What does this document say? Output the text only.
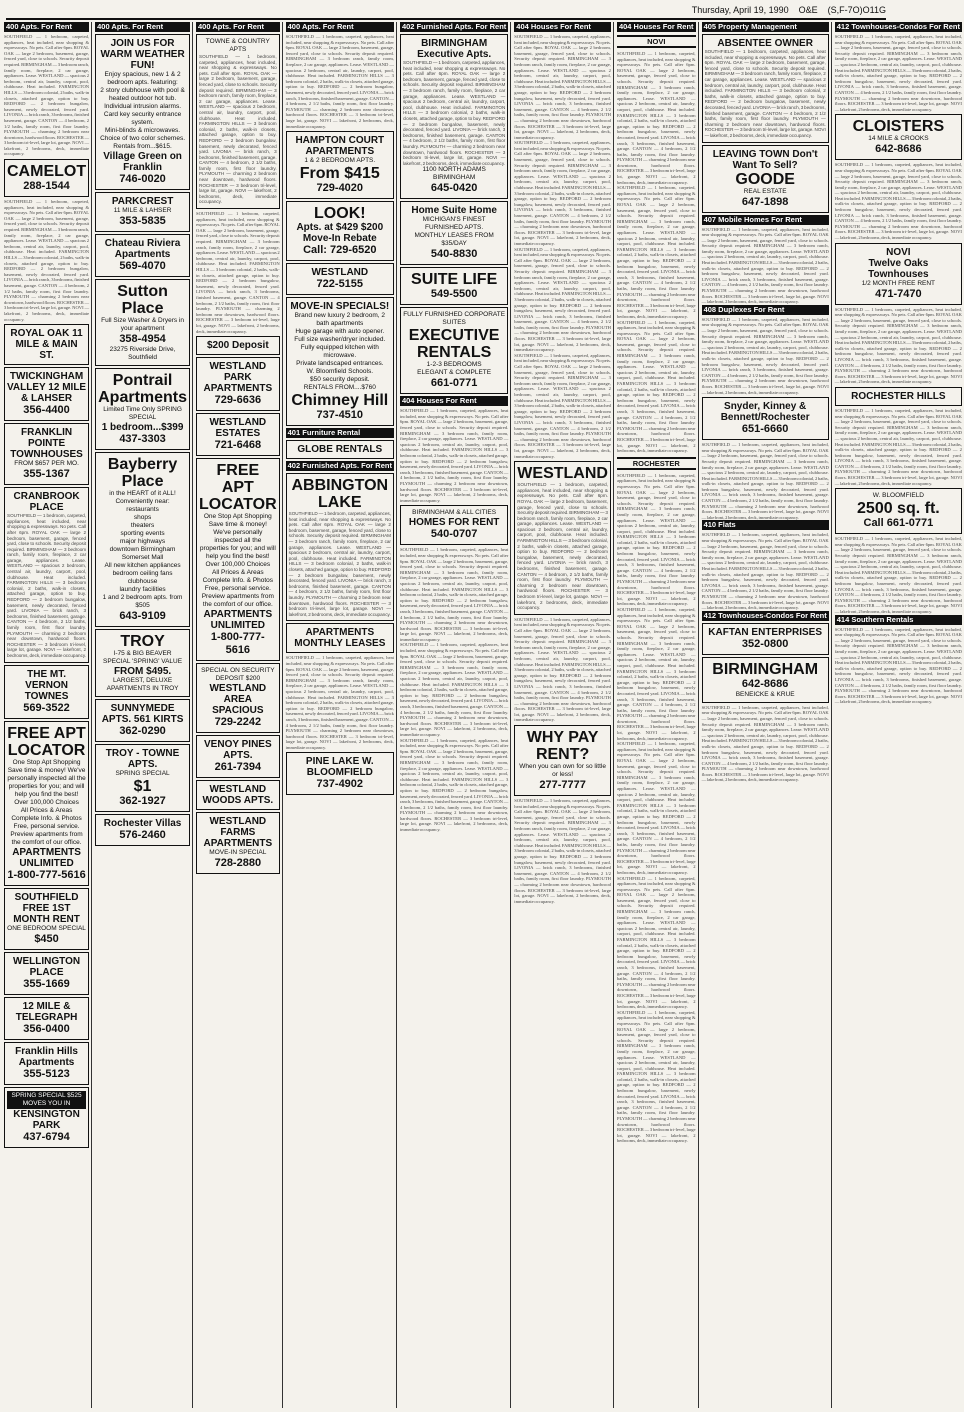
Thursday, April 19, 1990 O&E (S,F-7O)O11G
400 Apts. For Rent
SOUTHFIELD — 1 bedroom, carpeted, appliances, heat included, near shopping & expressways. No pets. Call after 6pm. ROYAL OAK — large 2 bedroom, basement, garage, fenced yard, close to schools. Security deposit required. BIRMINGHAM — 3 bedroom ranch, family room, fireplace, 2 car garage, appliances. Lease. WESTLAND — spacious 2 bedroom, central air, laundry, carport, pool, clubhouse. Heat included. FARMINGTON HILLS — 3 bedroom colonial, 2 baths, walk-in closets, attached garage, option to buy. REDFORD — 2 bedroom bungalow, basement, newly decorated, fenced yard. LIVONIA — brick ranch, 3 bedrooms, finished basement, garage. CANTON — 4 bedroom, 2 1/2 baths, family room, first floor laundry. PLYMOUTH — charming 2 bedroom near downtown, hardwood floors. ROCHESTER — 3 bedroom tri-level, large lot, garage. NOVI — lakefront, 2 bedrooms, deck, immediate occupancy.
CAMELOT
288-1544
SOUTHFIELD — 1 bedroom, carpeted, appliances, heat included, near shopping & expressways. No pets. Call after 6pm. ROYAL OAK — large 2 bedroom, basement, garage, fenced yard, close to schools. Security deposit required. BIRMINGHAM — 3 bedroom ranch, family room, fireplace, 2 car garage, appliances. Lease. WESTLAND — spacious 2 bedroom, central air, laundry, carport, pool, clubhouse. Heat included. FARMINGTON HILLS — 3 bedroom colonial, 2 baths, walk-in closets, attached garage, option to buy. REDFORD — 2 bedroom bungalow, basement, newly decorated, fenced yard. LIVONIA — brick ranch, 3 bedrooms, finished basement, garage. CANTON — 4 bedroom, 2 1/2 baths, family room, first floor laundry. PLYMOUTH — charming 2 bedroom near downtown, hardwood floors. ROCHESTER — 3 bedroom tri-level, large lot, garage. NOVI — lakefront, 2 bedrooms, deck, immediate occupancy.
ROYAL OAK 11 MILE & MAIN ST.
TWICKINGHAM VALLEY 12 MILE & LAHSER
356-4400
FRANKLIN POINTE TOWNHOUSES
FROM $657 PER MO.
355-1367
CRANBROOK PLACE
SOUTHFIELD — 1 bedroom, carpeted, appliances, heat included, near shopping & expressways. No pets. Call after 6pm. ROYAL OAK — large 2 bedroom, basement, garage, fenced yard, close to schools. Security deposit required. BIRMINGHAM — 3 bedroom ranch, family room, fireplace, 2 car garage, appliances. Lease. WESTLAND — spacious 2 bedroom, central air, laundry, carport, pool, clubhouse. Heat included. FARMINGTON HILLS — 3 bedroom colonial, 2 baths, walk-in closets, attached garage, option to buy. REDFORD — 2 bedroom bungalow, basement, newly decorated, fenced yard. LIVONIA — brick ranch, 3 bedrooms, finished basement, garage. CANTON — 4 bedroom, 2 1/2 baths, family room, first floor laundry. PLYMOUTH — charming 2 bedroom near downtown, hardwood floors. ROCHESTER — 3 bedroom tri-level, large lot, garage. NOVI — lakefront, 2 bedrooms, deck, immediate occupancy.
THE MT. VERNON TOWNES
569-3522
FREE APT LOCATOR
One Stop Apt Shopping
Save time & money! We've personally inspected all the properties for you; and will help you find the best!
Over 100,000 Choices
All Prices & Areas
Complete Info. & Photos
Free, personal service. Preview apartments from the comfort of our office.
APARTMENTS UNLIMITED
1-800-777-5616
SOUTHFIELD FREE 1ST MONTH RENT
ONE BEDROOM SPECIAL
$450
WELLINGTON PLACE
355-1669
12 MILE & TELEGRAPH
356-0400
Franklin Hills Apartments
355-5123
SPRING SPECIAL $525 MOVES YOU IN
KENSINGTON PARK
437-6794
400 Apts. For Rent
JOIN US FOR WARM WEATHER FUN!
Enjoy spacious, new 1 & 2 bedroom apts. featuring:
2 story clubhouse with pool & heated outdoor hot tub.
Individual intrusion alarms.
Card key security entrance system.
Mini-blinds & microwaves.
Choice of two color schemes.
Rentals from...$615.
Village Green on Franklin
746-0020
PARKCREST
11 MILE & LAHSER
353-5835
Chateau Riviera Apartments
569-4070
Sutton Place
Full Size Washer & Dryers in your apartment
358-4954
23275 Riverside Drive, Southfield
Pontrail Apartments
Limited Time Only SPRING SPECIAL
1 bedroom...$399
437-3303
Bayberry Place
in the HEART of it ALL!
Conveniently near:
restaurants
shops
theaters
sporting events
major highways
downtown Birmingham
Somerset Mall
All new kitchen appliances
bedroom ceiling fans
clubhouse
laundry facilities
1 and 2 bedroom apts. from $505
643-9109
TROY
I-75 & BIG BEAVER
SPECIAL 'SPRING' VALUE
FROM $495.
LARGEST, DELUXE APARTMENTS IN TROY
SUNNYMEDE APTS. 561 KIRTS
362-0290
TROY - TOWNE APTS.
SPRING SPECIAL
$1
362-1927
Rochester Villas
576-2460
400 Apts. For Rent
TOWNE & COUNTRY APTS
SOUTHFIELD — 1 bedroom, carpeted, appliances, heat included, near shopping & expressways. No pets. Call after 6pm. ROYAL OAK — large 2 bedroom, basement, garage, fenced yard, close to schools. Security deposit required. BIRMINGHAM — 3 bedroom ranch, family room, fireplace, 2 car garage, appliances. Lease. WESTLAND — spacious 2 bedroom, central air, laundry, carport, pool, clubhouse. Heat included. FARMINGTON HILLS — 3 bedroom colonial, 2 baths, walk-in closets, attached garage, option to buy. REDFORD — 2 bedroom bungalow, basement, newly decorated, fenced yard. LIVONIA — brick ranch, 3 bedrooms, finished basement, garage. CANTON — 4 bedroom, 2 1/2 baths, family room, first floor laundry. PLYMOUTH — charming 2 bedroom near downtown, hardwood floors. ROCHESTER — 3 bedroom tri-level, large lot, garage. NOVI — lakefront, 2 bedrooms, deck, immediate occupancy.
SOUTHFIELD — 1 bedroom, carpeted, appliances, heat included, near shopping & expressways. No pets. Call after 6pm. ROYAL OAK — large 2 bedroom, basement, garage, fenced yard, close to schools. Security deposit required. BIRMINGHAM — 3 bedroom ranch, family room, fireplace, 2 car garage, appliances. Lease. WESTLAND — spacious 2 bedroom, central air, laundry, carport, pool, clubhouse. Heat included. FARMINGTON HILLS — 3 bedroom colonial, 2 baths, walk-in closets, attached garage, option to buy. REDFORD — 2 bedroom bungalow, basement, newly decorated, fenced yard. LIVONIA — brick ranch, 3 bedrooms, finished basement, garage. CANTON — 4 bedroom, 2 1/2 baths, family room, first floor laundry. PLYMOUTH — charming 2 bedroom near downtown, hardwood floors. ROCHESTER — 3 bedroom tri-level, large lot, garage. NOVI — lakefront, 2 bedrooms, deck, immediate occupancy.
$200 Deposit
WESTLAND PARK APARTMENTS
729-6636
WESTLAND ESTATES
721-6468
FREE APT LOCATOR
One Stop Apt Shopping
Save time & money! We've personally inspected all the properties for you; and will help you find the best!
Over 100,000 Choices
All Prices & Areas
Complete Info. & Photos
Free, personal service. Preview apartments from the comfort of our office.
APARTMENTS UNLIMITED
1-800-777-5616
SPECIAL ON SECURITY DEPOSIT $200
WESTLAND AREA SPACIOUS
729-2242
VENOY PINES APTS.
261-7394
WESTLAND WOODS APTS.
WESTLAND FARMS APARTMENTS
MOVE-IN SPECIAL
728-2880
400 Apts. For Rent
SOUTHFIELD — 1 bedroom, carpeted, appliances, heat included, near shopping & expressways. No pets. Call after 6pm. ROYAL OAK — large 2 bedroom, basement, garage, fenced yard, close to schools. Security deposit required. BIRMINGHAM — 3 bedroom ranch, family room, fireplace, 2 car garage, appliances. Lease. WESTLAND — spacious 2 bedroom, central air, laundry, carport, pool, clubhouse. Heat included. FARMINGTON HILLS — 3 bedroom colonial, 2 baths, walk-in closets, attached garage, option to buy. REDFORD — 2 bedroom bungalow, basement, newly decorated, fenced yard. LIVONIA — brick ranch, 3 bedrooms, finished basement, garage. CANTON — 4 bedroom, 2 1/2 baths, family room, first floor laundry. PLYMOUTH — charming 2 bedroom near downtown, hardwood floors. ROCHESTER — 3 bedroom tri-level, large lot, garage. NOVI — lakefront, 2 bedrooms, deck, immediate occupancy.
HAMPTON COURT APARTMENTS
1 & 2 BEDROOM APTS.
From $415
729-4020
LOOK!
Apts. at $429 $200 Move-In Rebate
Call: 729-6520
WESTLAND
722-5155
MOVE-IN SPECIALS!
Brand new luxury 2 bedroom, 2 bath apartments
Huge garage with auto opener.
Full size washer/dryer included.
Fully equipped kitchen with microwave.
Private landscaped entrances.
W. Bloomfield Schools.
$50 security deposit.
RENTALS FROM....$760
Chimney Hill
737-4510
401 Furniture Rental
GLOBE RENTALS
402 Furnished Apts. For Rent
ABBINGTON LAKE
SOUTHFIELD — 1 bedroom, carpeted, appliances, heat included, near shopping & expressways. No pets. Call after 6pm. ROYAL OAK — large 2 bedroom, basement, garage, fenced yard, close to schools. Security deposit required. BIRMINGHAM — 3 bedroom ranch, family room, fireplace, 2 car garage, appliances. Lease. WESTLAND — spacious 2 bedroom, central air, laundry, carport, pool, clubhouse. Heat included. FARMINGTON HILLS — 3 bedroom colonial, 2 baths, walk-in closets, attached garage, option to buy. REDFORD — 2 bedroom bungalow, basement, newly decorated, fenced yard. LIVONIA — brick ranch, 3 bedrooms, finished basement, garage. CANTON — 4 bedroom, 2 1/2 baths, family room, first floor laundry. PLYMOUTH — charming 2 bedroom near downtown, hardwood floors. ROCHESTER — 3 bedroom tri-level, large lot, garage. NOVI — lakefront, 2 bedrooms, deck, immediate occupancy.
APARTMENTS MONTHLY LEASES
SOUTHFIELD — 1 bedroom, carpeted, appliances, heat included, near shopping & expressways. No pets. Call after 6pm. ROYAL OAK — large 2 bedroom, basement, garage, fenced yard, close to schools. Security deposit required. BIRMINGHAM — 3 bedroom ranch, family room, fireplace, 2 car garage, appliances. Lease. WESTLAND — spacious 2 bedroom, central air, laundry, carport, pool, clubhouse. Heat included. FARMINGTON HILLS — 3 bedroom colonial, 2 baths, walk-in closets, attached garage, option to buy. REDFORD — 2 bedroom bungalow, basement, newly decorated, fenced yard. LIVONIA — brick ranch, 3 bedrooms, finished basement, garage. CANTON — 4 bedroom, 2 1/2 baths, family room, first floor laundry. PLYMOUTH — charming 2 bedroom near downtown, hardwood floors. ROCHESTER — 3 bedroom tri-level, large lot, garage. NOVI — lakefront, 2 bedrooms, deck, immediate occupancy.
PINE LAKE W. BLOOMFIELD
737-4902
402 Furnished Apts. For Rent
BIRMINGHAM Executive Apts.
SOUTHFIELD — 1 bedroom, carpeted, appliances, heat included, near shopping & expressways. No pets. Call after 6pm. ROYAL OAK — large 2 bedroom, basement, garage, fenced yard, close to schools. Security deposit required. BIRMINGHAM — 3 bedroom ranch, family room, fireplace, 2 car garage, appliances. Lease. WESTLAND — spacious 2 bedroom, central air, laundry, carport, pool, clubhouse. Heat included. FARMINGTON HILLS — 3 bedroom colonial, 2 baths, walk-in closets, attached garage, option to buy. REDFORD — 2 bedroom bungalow, basement, newly decorated, fenced yard. LIVONIA — brick ranch, 3 bedrooms, finished basement, garage. CANTON — 4 bedroom, 2 1/2 baths, family room, first floor laundry. PLYMOUTH — charming 2 bedroom near downtown, hardwood floors. ROCHESTER — 3 bedroom tri-level, large lot, garage. NOVI — lakefront, 2 bedrooms, deck, immediate occupancy.
1100 NORTH ADAMS BIRMINGHAM
645-0420
Home Suite Home
MICHIGAN'S FINEST FURNISHED APTS.
MONTHLY LEASES FROM $35/DAY
540-8830
SUITE LIFE
549-5500
FULLY FURNISHED CORPORATE SUITES
EXECUTIVE RENTALS
1-2-3 BEDROOMS
ELEGANT & COMPLETE
661-0771
404 Houses For Rent
SOUTHFIELD — 1 bedroom, carpeted, appliances, heat included, near shopping & expressways. No pets. Call after 6pm. ROYAL OAK — large 2 bedroom, basement, garage, fenced yard, close to schools. Security deposit required. BIRMINGHAM — 3 bedroom ranch, family room, fireplace, 2 car garage, appliances. Lease. WESTLAND — spacious 2 bedroom, central air, laundry, carport, pool, clubhouse. Heat included. FARMINGTON HILLS — 3 bedroom colonial, 2 baths, walk-in closets, attached garage, option to buy. REDFORD — 2 bedroom bungalow, basement, newly decorated, fenced yard. LIVONIA — brick ranch, 3 bedrooms, finished basement, garage. CANTON — 4 bedroom, 2 1/2 baths, family room, first floor laundry. PLYMOUTH — charming 2 bedroom near downtown, hardwood floors. ROCHESTER — 3 bedroom tri-level, large lot, garage. NOVI — lakefront, 2 bedrooms, deck, immediate occupancy.
BIRMINGHAM & ALL CITIES
HOMES FOR RENT
540-0707
SOUTHFIELD — 1 bedroom, carpeted, appliances, heat included, near shopping & expressways. No pets. Call after 6pm. ROYAL OAK — large 2 bedroom, basement, garage, fenced yard, close to schools. Security deposit required. BIRMINGHAM — 3 bedroom ranch, family room, fireplace, 2 car garage, appliances. Lease. WESTLAND — spacious 2 bedroom, central air, laundry, carport, pool, clubhouse. Heat included. FARMINGTON HILLS — 3 bedroom colonial, 2 baths, walk-in closets, attached garage, option to buy. REDFORD — 2 bedroom bungalow, basement, newly decorated, fenced yard. LIVONIA — brick ranch, 3 bedrooms, finished basement, garage. CANTON — 4 bedroom, 2 1/2 baths, family room, first floor laundry. PLYMOUTH — charming 2 bedroom near downtown, hardwood floors. ROCHESTER — 3 bedroom tri-level, large lot, garage. NOVI — lakefront, 2 bedrooms, deck, immediate occupancy.
SOUTHFIELD — 1 bedroom, carpeted, appliances, heat included, near shopping & expressways. No pets. Call after 6pm. ROYAL OAK — large 2 bedroom, basement, garage, fenced yard, close to schools. Security deposit required. BIRMINGHAM — 3 bedroom ranch, family room, fireplace, 2 car garage, appliances. Lease. WESTLAND — spacious 2 bedroom, central air, laundry, carport, pool, clubhouse. Heat included. FARMINGTON HILLS — 3 bedroom colonial, 2 baths, walk-in closets, attached garage, option to buy. REDFORD — 2 bedroom bungalow, basement, newly decorated, fenced yard. LIVONIA — brick ranch, 3 bedrooms, finished basement, garage. CANTON — 4 bedroom, 2 1/2 baths, family room, first floor laundry. PLYMOUTH — charming 2 bedroom near downtown, hardwood floors. ROCHESTER — 3 bedroom tri-level, large lot, garage. NOVI — lakefront, 2 bedrooms, deck, immediate occupancy.
SOUTHFIELD — 1 bedroom, carpeted, appliances, heat included, near shopping & expressways. No pets. Call after 6pm. ROYAL OAK — large 2 bedroom, basement, garage, fenced yard, close to schools. Security deposit required. BIRMINGHAM — 3 bedroom ranch, family room, fireplace, 2 car garage, appliances. Lease. WESTLAND — spacious 2 bedroom, central air, laundry, carport, pool, clubhouse. Heat included. FARMINGTON HILLS — 3 bedroom colonial, 2 baths, walk-in closets, attached garage, option to buy. REDFORD — 2 bedroom bungalow, basement, newly decorated, fenced yard. LIVONIA — brick ranch, 3 bedrooms, finished basement, garage. CANTON — 4 bedroom, 2 1/2 baths, family room, first floor laundry. PLYMOUTH — charming 2 bedroom near downtown, hardwood floors. ROCHESTER — 3 bedroom tri-level, large lot, garage. NOVI — lakefront, 2 bedrooms, deck, immediate occupancy.
404 Houses For Rent
SOUTHFIELD — 1 bedroom, carpeted, appliances, heat included, near shopping & expressways. No pets. Call after 6pm. ROYAL OAK — large 2 bedroom, basement, garage, fenced yard, close to schools. Security deposit required. BIRMINGHAM — 3 bedroom ranch, family room, fireplace, 2 car garage, appliances. Lease. WESTLAND — spacious 2 bedroom, central air, laundry, carport, pool, clubhouse. Heat included. FARMINGTON HILLS — 3 bedroom colonial, 2 baths, walk-in closets, attached garage, option to buy. REDFORD — 2 bedroom bungalow, basement, newly decorated, fenced yard. LIVONIA — brick ranch, 3 bedrooms, finished basement, garage. CANTON — 4 bedroom, 2 1/2 baths, family room, first floor laundry. PLYMOUTH — charming 2 bedroom near downtown, hardwood floors. ROCHESTER — 3 bedroom tri-level, large lot, garage. NOVI — lakefront, 2 bedrooms, deck, immediate occupancy.
SOUTHFIELD — 1 bedroom, carpeted, appliances, heat included, near shopping & expressways. No pets. Call after 6pm. ROYAL OAK — large 2 bedroom, basement, garage, fenced yard, close to schools. Security deposit required. BIRMINGHAM — 3 bedroom ranch, family room, fireplace, 2 car garage, appliances. Lease. WESTLAND — spacious 2 bedroom, central air, laundry, carport, pool, clubhouse. Heat included. FARMINGTON HILLS — 3 bedroom colonial, 2 baths, walk-in closets, attached garage, option to buy. REDFORD — 2 bedroom bungalow, basement, newly decorated, fenced yard. LIVONIA — brick ranch, 3 bedrooms, finished basement, garage. CANTON — 4 bedroom, 2 1/2 baths, family room, first floor laundry. PLYMOUTH — charming 2 bedroom near downtown, hardwood floors. ROCHESTER — 3 bedroom tri-level, large lot, garage. NOVI — lakefront, 2 bedrooms, deck, immediate occupancy.
SOUTHFIELD — 1 bedroom, carpeted, appliances, heat included, near shopping & expressways. No pets. Call after 6pm. ROYAL OAK — large 2 bedroom, basement, garage, fenced yard, close to schools. Security deposit required. BIRMINGHAM — 3 bedroom ranch, family room, fireplace, 2 car garage, appliances. Lease. WESTLAND — spacious 2 bedroom, central air, laundry, carport, pool, clubhouse. Heat included. FARMINGTON HILLS — 3 bedroom colonial, 2 baths, walk-in closets, attached garage, option to buy. REDFORD — 2 bedroom bungalow, basement, newly decorated, fenced yard. LIVONIA — brick ranch, 3 bedrooms, finished basement, garage. CANTON — 4 bedroom, 2 1/2 baths, family room, first floor laundry. PLYMOUTH — charming 2 bedroom near downtown, hardwood floors. ROCHESTER — 3 bedroom tri-level, large lot, garage. NOVI — lakefront, 2 bedrooms, deck, immediate occupancy.
SOUTHFIELD — 1 bedroom, carpeted, appliances, heat included, near shopping & expressways. No pets. Call after 6pm. ROYAL OAK — large 2 bedroom, basement, garage, fenced yard, close to schools. Security deposit required. BIRMINGHAM — 3 bedroom ranch, family room, fireplace, 2 car garage, appliances. Lease. WESTLAND — spacious 2 bedroom, central air, laundry, carport, pool, clubhouse. Heat included. FARMINGTON HILLS — 3 bedroom colonial, 2 baths, walk-in closets, attached garage, option to buy. REDFORD — 2 bedroom bungalow, basement, newly decorated, fenced yard. LIVONIA — brick ranch, 3 bedrooms, finished basement, garage. CANTON — 4 bedroom, 2 1/2 baths, family room, first floor laundry. PLYMOUTH — charming 2 bedroom near downtown, hardwood floors. ROCHESTER — 3 bedroom tri-level, large lot, garage. NOVI — lakefront, 2 bedrooms, deck, immediate occupancy.
WESTLAND
SOUTHFIELD — 1 bedroom, carpeted, appliances, heat included, near shopping & expressways. No pets. Call after 6pm. ROYAL OAK — large 2 bedroom, basement, garage, fenced yard, close to schools. Security deposit required. BIRMINGHAM — 3 bedroom ranch, family room, fireplace, 2 car garage, appliances. Lease. WESTLAND — spacious 2 bedroom, central air, laundry, carport, pool, clubhouse. Heat included. FARMINGTON HILLS — 3 bedroom colonial, 2 baths, walk-in closets, attached garage, option to buy. REDFORD — 2 bedroom bungalow, basement, newly decorated, fenced yard. LIVONIA — brick ranch, 3 bedrooms, finished basement, garage. CANTON — 4 bedroom, 2 1/2 baths, family room, first floor laundry. PLYMOUTH — charming 2 bedroom near downtown, hardwood floors. ROCHESTER — 3 bedroom tri-level, large lot, garage. NOVI — lakefront, 2 bedrooms, deck, immediate occupancy.
SOUTHFIELD — 1 bedroom, carpeted, appliances, heat included, near shopping & expressways. No pets. Call after 6pm. ROYAL OAK — large 2 bedroom, basement, garage, fenced yard, close to schools. Security deposit required. BIRMINGHAM — 3 bedroom ranch, family room, fireplace, 2 car garage, appliances. Lease. WESTLAND — spacious 2 bedroom, central air, laundry, carport, pool, clubhouse. Heat included. FARMINGTON HILLS — 3 bedroom colonial, 2 baths, walk-in closets, attached garage, option to buy. REDFORD — 2 bedroom bungalow, basement, newly decorated, fenced yard. LIVONIA — brick ranch, 3 bedrooms, finished basement, garage. CANTON — 4 bedroom, 2 1/2 baths, family room, first floor laundry. PLYMOUTH — charming 2 bedroom near downtown, hardwood floors. ROCHESTER — 3 bedroom tri-level, large lot, garage. NOVI — lakefront, 2 bedrooms, deck, immediate occupancy.
WHY PAY RENT?
When you can own for so little or less!
277-7777
SOUTHFIELD — 1 bedroom, carpeted, appliances, heat included, near shopping & expressways. No pets. Call after 6pm. ROYAL OAK — large 2 bedroom, basement, garage, fenced yard, close to schools. Security deposit required. BIRMINGHAM — 3 bedroom ranch, family room, fireplace, 2 car garage, appliances. Lease. WESTLAND — spacious 2 bedroom, central air, laundry, carport, pool, clubhouse. Heat included. FARMINGTON HILLS — 3 bedroom colonial, 2 baths, walk-in closets, attached garage, option to buy. REDFORD — 2 bedroom bungalow, basement, newly decorated, fenced yard. LIVONIA — brick ranch, 3 bedrooms, finished basement, garage. CANTON — 4 bedroom, 2 1/2 baths, family room, first floor laundry. PLYMOUTH — charming 2 bedroom near downtown, hardwood floors. ROCHESTER — 3 bedroom tri-level, large lot, garage. NOVI — lakefront, 2 bedrooms, deck, immediate occupancy.
404 Houses For Rent
NOVI
SOUTHFIELD — 1 bedroom, carpeted, appliances, heat included, near shopping & expressways. No pets. Call after 6pm. ROYAL OAK — large 2 bedroom, basement, garage, fenced yard, close to schools. Security deposit required. BIRMINGHAM — 3 bedroom ranch, family room, fireplace, 2 car garage, appliances. Lease. WESTLAND — spacious 2 bedroom, central air, laundry, carport, pool, clubhouse. Heat included. FARMINGTON HILLS — 3 bedroom colonial, 2 baths, walk-in closets, attached garage, option to buy. REDFORD — 2 bedroom bungalow, basement, newly decorated, fenced yard. LIVONIA — brick ranch, 3 bedrooms, finished basement, garage. CANTON — 4 bedroom, 2 1/2 baths, family room, first floor laundry. PLYMOUTH — charming 2 bedroom near downtown, hardwood floors. ROCHESTER — 3 bedroom tri-level, large lot, garage. NOVI — lakefront, 2 bedrooms, deck, immediate occupancy.
SOUTHFIELD — 1 bedroom, carpeted, appliances, heat included, near shopping & expressways. No pets. Call after 6pm. ROYAL OAK — large 2 bedroom, basement, garage, fenced yard, close to schools. Security deposit required. BIRMINGHAM — 3 bedroom ranch, family room, fireplace, 2 car garage, appliances. Lease. WESTLAND — spacious 2 bedroom, central air, laundry, carport, pool, clubhouse. Heat included. FARMINGTON HILLS — 3 bedroom colonial, 2 baths, walk-in closets, attached garage, option to buy. REDFORD — 2 bedroom bungalow, basement, newly decorated, fenced yard. LIVONIA — brick ranch, 3 bedrooms, finished basement, garage. CANTON — 4 bedroom, 2 1/2 baths, family room, first floor laundry. PLYMOUTH — charming 2 bedroom near downtown, hardwood floors. ROCHESTER — 3 bedroom tri-level, large lot, garage. NOVI — lakefront, 2 bedrooms, deck, immediate occupancy.
SOUTHFIELD — 1 bedroom, carpeted, appliances, heat included, near shopping & expressways. No pets. Call after 6pm. ROYAL OAK — large 2 bedroom, basement, garage, fenced yard, close to schools. Security deposit required. BIRMINGHAM — 3 bedroom ranch, family room, fireplace, 2 car garage, appliances. Lease. WESTLAND — spacious 2 bedroom, central air, laundry, carport, pool, clubhouse. Heat included. FARMINGTON HILLS — 3 bedroom colonial, 2 baths, walk-in closets, attached garage, option to buy. REDFORD — 2 bedroom bungalow, basement, newly decorated, fenced yard. LIVONIA — brick ranch, 3 bedrooms, finished basement, garage. CANTON — 4 bedroom, 2 1/2 baths, family room, first floor laundry. PLYMOUTH — charming 2 bedroom near downtown, hardwood floors. ROCHESTER — 3 bedroom tri-level, large lot, garage. NOVI — lakefront, 2 bedrooms, deck, immediate occupancy.
ROCHESTER
SOUTHFIELD — 1 bedroom, carpeted, appliances, heat included, near shopping & expressways. No pets. Call after 6pm. ROYAL OAK — large 2 bedroom, basement, garage, fenced yard, close to schools. Security deposit required. BIRMINGHAM — 3 bedroom ranch, family room, fireplace, 2 car garage, appliances. Lease. WESTLAND — spacious 2 bedroom, central air, laundry, carport, pool, clubhouse. Heat included. FARMINGTON HILLS — 3 bedroom colonial, 2 baths, walk-in closets, attached garage, option to buy. REDFORD — 2 bedroom bungalow, basement, newly decorated, fenced yard. LIVONIA — brick ranch, 3 bedrooms, finished basement, garage. CANTON — 4 bedroom, 2 1/2 baths, family room, first floor laundry. PLYMOUTH — charming 2 bedroom near downtown, hardwood floors. ROCHESTER — 3 bedroom tri-level, large lot, garage. NOVI — lakefront, 2 bedrooms, deck, immediate occupancy.
SOUTHFIELD — 1 bedroom, carpeted, appliances, heat included, near shopping & expressways. No pets. Call after 6pm. ROYAL OAK — large 2 bedroom, basement, garage, fenced yard, close to schools. Security deposit required. BIRMINGHAM — 3 bedroom ranch, family room, fireplace, 2 car garage, appliances. Lease. WESTLAND — spacious 2 bedroom, central air, laundry, carport, pool, clubhouse. Heat included. FARMINGTON HILLS — 3 bedroom colonial, 2 baths, walk-in closets, attached garage, option to buy. REDFORD — 2 bedroom bungalow, basement, newly decorated, fenced yard. LIVONIA — brick ranch, 3 bedrooms, finished basement, garage. CANTON — 4 bedroom, 2 1/2 baths, family room, first floor laundry. PLYMOUTH — charming 2 bedroom near downtown, hardwood floors. ROCHESTER — 3 bedroom tri-level, large lot, garage. NOVI — lakefront, 2 bedrooms, deck, immediate occupancy.
SOUTHFIELD — 1 bedroom, carpeted, appliances, heat included, near shopping & expressways. No pets. Call after 6pm. ROYAL OAK — large 2 bedroom, basement, garage, fenced yard, close to schools. Security deposit required. BIRMINGHAM — 3 bedroom ranch, family room, fireplace, 2 car garage, appliances. Lease. WESTLAND — spacious 2 bedroom, central air, laundry, carport, pool, clubhouse. Heat included. FARMINGTON HILLS — 3 bedroom colonial, 2 baths, walk-in closets, attached garage, option to buy. REDFORD — 2 bedroom bungalow, basement, newly decorated, fenced yard. LIVONIA — brick ranch, 3 bedrooms, finished basement, garage. CANTON — 4 bedroom, 2 1/2 baths, family room, first floor laundry. PLYMOUTH — charming 2 bedroom near downtown, hardwood floors. ROCHESTER — 3 bedroom tri-level, large lot, garage. NOVI — lakefront, 2 bedrooms, deck, immediate occupancy.
SOUTHFIELD — 1 bedroom, carpeted, appliances, heat included, near shopping & expressways. No pets. Call after 6pm. ROYAL OAK — large 2 bedroom, basement, garage, fenced yard, close to schools. Security deposit required. BIRMINGHAM — 3 bedroom ranch, family room, fireplace, 2 car garage, appliances. Lease. WESTLAND — spacious 2 bedroom, central air, laundry, carport, pool, clubhouse. Heat included. FARMINGTON HILLS — 3 bedroom colonial, 2 baths, walk-in closets, attached garage, option to buy. REDFORD — 2 bedroom bungalow, basement, newly decorated, fenced yard. LIVONIA — brick ranch, 3 bedrooms, finished basement, garage. CANTON — 4 bedroom, 2 1/2 baths, family room, first floor laundry. PLYMOUTH — charming 2 bedroom near downtown, hardwood floors. ROCHESTER — 3 bedroom tri-level, large lot, garage. NOVI — lakefront, 2 bedrooms, deck, immediate occupancy.
SOUTHFIELD — 1 bedroom, carpeted, appliances, heat included, near shopping & expressways. No pets. Call after 6pm. ROYAL OAK — large 2 bedroom, basement, garage, fenced yard, close to schools. Security deposit required. BIRMINGHAM — 3 bedroom ranch, family room, fireplace, 2 car garage, appliances. Lease. WESTLAND — spacious 2 bedroom, central air, laundry, carport, pool, clubhouse. Heat included. FARMINGTON HILLS — 3 bedroom colonial, 2 baths, walk-in closets, attached garage, option to buy. REDFORD — 2 bedroom bungalow, basement, newly decorated, fenced yard. LIVONIA — brick ranch, 3 bedrooms, finished basement, garage. CANTON — 4 bedroom, 2 1/2 baths, family room, first floor laundry. PLYMOUTH — charming 2 bedroom near downtown, hardwood floors. ROCHESTER — 3 bedroom tri-level, large lot, garage. NOVI — lakefront, 2 bedrooms, deck, immediate occupancy.
405 Property Management
ABSENTEE OWNER
SOUTHFIELD — 1 bedroom, carpeted, appliances, heat included, near shopping & expressways. No pets. Call after 6pm. ROYAL OAK — large 2 bedroom, basement, garage, fenced yard, close to schools. Security deposit required. BIRMINGHAM — 3 bedroom ranch, family room, fireplace, 2 car garage, appliances. Lease. WESTLAND — spacious 2 bedroom, central air, laundry, carport, pool, clubhouse. Heat included. FARMINGTON HILLS — 3 bedroom colonial, 2 baths, walk-in closets, attached garage, option to buy. REDFORD — 2 bedroom bungalow, basement, newly decorated, fenced yard. LIVONIA — brick ranch, 3 bedrooms, finished basement, garage. CANTON — 4 bedroom, 2 1/2 baths, family room, first floor laundry. PLYMOUTH — charming 2 bedroom near downtown, hardwood floors. ROCHESTER — 3 bedroom tri-level, large lot, garage. NOVI — lakefront, 2 bedrooms, deck, immediate occupancy.
LEAVING TOWN Don't Want To Sell?
GOODE
REAL ESTATE
647-1898
407 Mobile Homes For Rent
SOUTHFIELD — 1 bedroom, carpeted, appliances, heat included, near shopping & expressways. No pets. Call after 6pm. ROYAL OAK — large 2 bedroom, basement, garage, fenced yard, close to schools. Security deposit required. BIRMINGHAM — 3 bedroom ranch, family room, fireplace, 2 car garage, appliances. Lease. WESTLAND — spacious 2 bedroom, central air, laundry, carport, pool, clubhouse. Heat included. FARMINGTON HILLS — 3 bedroom colonial, 2 baths, walk-in closets, attached garage, option to buy. REDFORD — 2 bedroom bungalow, basement, newly decorated, fenced yard. LIVONIA — brick ranch, 3 bedrooms, finished basement, garage. CANTON — 4 bedroom, 2 1/2 baths, family room, first floor laundry. PLYMOUTH — charming 2 bedroom near downtown, hardwood floors. ROCHESTER — 3 bedroom tri-level, large lot, garage. NOVI — lakefront, 2 bedrooms, deck, immediate occupancy.
408 Duplexes For Rent
SOUTHFIELD — 1 bedroom, carpeted, appliances, heat included, near shopping & expressways. No pets. Call after 6pm. ROYAL OAK — large 2 bedroom, basement, garage, fenced yard, close to schools. Security deposit required. BIRMINGHAM — 3 bedroom ranch, family room, fireplace, 2 car garage, appliances. Lease. WESTLAND — spacious 2 bedroom, central air, laundry, carport, pool, clubhouse. Heat included. FARMINGTON HILLS — 3 bedroom colonial, 2 baths, walk-in closets, attached garage, option to buy. REDFORD — 2 bedroom bungalow, basement, newly decorated, fenced yard. LIVONIA — brick ranch, 3 bedrooms, finished basement, garage. CANTON — 4 bedroom, 2 1/2 baths, family room, first floor laundry. PLYMOUTH — charming 2 bedroom near downtown, hardwood floors. ROCHESTER — 3 bedroom tri-level, large lot, garage. NOVI — lakefront, 2 bedrooms, deck, immediate occupancy.
Snyder, Kinney & Bennett/Rochester
651-6660
SOUTHFIELD — 1 bedroom, carpeted, appliances, heat included, near shopping & expressways. No pets. Call after 6pm. ROYAL OAK — large 2 bedroom, basement, garage, fenced yard, close to schools. Security deposit required. BIRMINGHAM — 3 bedroom ranch, family room, fireplace, 2 car garage, appliances. Lease. WESTLAND — spacious 2 bedroom, central air, laundry, carport, pool, clubhouse. Heat included. FARMINGTON HILLS — 3 bedroom colonial, 2 baths, walk-in closets, attached garage, option to buy. REDFORD — 2 bedroom bungalow, basement, newly decorated, fenced yard. LIVONIA — brick ranch, 3 bedrooms, finished basement, garage. CANTON — 4 bedroom, 2 1/2 baths, family room, first floor laundry. PLYMOUTH — charming 2 bedroom near downtown, hardwood floors. ROCHESTER — 3 bedroom tri-level, large lot, garage. NOVI — lakefront, 2 bedrooms, deck, immediate occupancy.
410 Flats
SOUTHFIELD — 1 bedroom, carpeted, appliances, heat included, near shopping & expressways. No pets. Call after 6pm. ROYAL OAK — large 2 bedroom, basement, garage, fenced yard, close to schools. Security deposit required. BIRMINGHAM — 3 bedroom ranch, family room, fireplace, 2 car garage, appliances. Lease. WESTLAND — spacious 2 bedroom, central air, laundry, carport, pool, clubhouse. Heat included. FARMINGTON HILLS — 3 bedroom colonial, 2 baths, walk-in closets, attached garage, option to buy. REDFORD — 2 bedroom bungalow, basement, newly decorated, fenced yard. LIVONIA — brick ranch, 3 bedrooms, finished basement, garage. CANTON — 4 bedroom, 2 1/2 baths, family room, first floor laundry. PLYMOUTH — charming 2 bedroom near downtown, hardwood floors. ROCHESTER — 3 bedroom tri-level, large lot, garage. NOVI — lakefront, 2 bedrooms, deck, immediate occupancy.
412 Townhouses-Condos For Rent
KAFTAN ENTERPRISES
352-0800
BIRMINGHAM
642-8686
BENEICKE & KRUE
SOUTHFIELD — 1 bedroom, carpeted, appliances, heat included, near shopping & expressways. No pets. Call after 6pm. ROYAL OAK — large 2 bedroom, basement, garage, fenced yard, close to schools. Security deposit required. BIRMINGHAM — 3 bedroom ranch, family room, fireplace, 2 car garage, appliances. Lease. WESTLAND — spacious 2 bedroom, central air, laundry, carport, pool, clubhouse. Heat included. FARMINGTON HILLS — 3 bedroom colonial, 2 baths, walk-in closets, attached garage, option to buy. REDFORD — 2 bedroom bungalow, basement, newly decorated, fenced yard. LIVONIA — brick ranch, 3 bedrooms, finished basement, garage. CANTON — 4 bedroom, 2 1/2 baths, family room, first floor laundry. PLYMOUTH — charming 2 bedroom near downtown, hardwood floors. ROCHESTER — 3 bedroom tri-level, large lot, garage. NOVI — lakefront, 2 bedrooms, deck, immediate occupancy.
412 Townhouses-Condos For Rent
SOUTHFIELD — 1 bedroom, carpeted, appliances, heat included, near shopping & expressways. No pets. Call after 6pm. ROYAL OAK — large 2 bedroom, basement, garage, fenced yard, close to schools. Security deposit required. BIRMINGHAM — 3 bedroom ranch, family room, fireplace, 2 car garage, appliances. Lease. WESTLAND — spacious 2 bedroom, central air, laundry, carport, pool, clubhouse. Heat included. FARMINGTON HILLS — 3 bedroom colonial, 2 baths, walk-in closets, attached garage, option to buy. REDFORD — 2 bedroom bungalow, basement, newly decorated, fenced yard. LIVONIA — brick ranch, 3 bedrooms, finished basement, garage. CANTON — 4 bedroom, 2 1/2 baths, family room, first floor laundry. PLYMOUTH — charming 2 bedroom near downtown, hardwood floors. ROCHESTER — 3 bedroom tri-level, large lot, garage. NOVI — lakefront, 2 bedrooms, deck, immediate occupancy.
CLOISTERS
14 MILE & CROOKS
642-8686
SOUTHFIELD — 1 bedroom, carpeted, appliances, heat included, near shopping & expressways. No pets. Call after 6pm. ROYAL OAK — large 2 bedroom, basement, garage, fenced yard, close to schools. Security deposit required. BIRMINGHAM — 3 bedroom ranch, family room, fireplace, 2 car garage, appliances. Lease. WESTLAND — spacious 2 bedroom, central air, laundry, carport, pool, clubhouse. Heat included. FARMINGTON HILLS — 3 bedroom colonial, 2 baths, walk-in closets, attached garage, option to buy. REDFORD — 2 bedroom bungalow, basement, newly decorated, fenced yard. LIVONIA — brick ranch, 3 bedrooms, finished basement, garage. CANTON — 4 bedroom, 2 1/2 baths, family room, first floor laundry. PLYMOUTH — charming 2 bedroom near downtown, hardwood floors. ROCHESTER — 3 bedroom tri-level, large lot, garage. NOVI — lakefront, 2 bedrooms, deck, immediate occupancy.
NOVI
Twelve Oaks Townhouses
1/2 MONTH FREE RENT
471-7470
SOUTHFIELD — 1 bedroom, carpeted, appliances, heat included, near shopping & expressways. No pets. Call after 6pm. ROYAL OAK — large 2 bedroom, basement, garage, fenced yard, close to schools. Security deposit required. BIRMINGHAM — 3 bedroom ranch, family room, fireplace, 2 car garage, appliances. Lease. WESTLAND — spacious 2 bedroom, central air, laundry, carport, pool, clubhouse. Heat included. FARMINGTON HILLS — 3 bedroom colonial, 2 baths, walk-in closets, attached garage, option to buy. REDFORD — 2 bedroom bungalow, basement, newly decorated, fenced yard. LIVONIA — brick ranch, 3 bedrooms, finished basement, garage. CANTON — 4 bedroom, 2 1/2 baths, family room, first floor laundry. PLYMOUTH — charming 2 bedroom near downtown, hardwood floors. ROCHESTER — 3 bedroom tri-level, large lot, garage. NOVI — lakefront, 2 bedrooms, deck, immediate occupancy.
ROCHESTER HILLS
SOUTHFIELD — 1 bedroom, carpeted, appliances, heat included, near shopping & expressways. No pets. Call after 6pm. ROYAL OAK — large 2 bedroom, basement, garage, fenced yard, close to schools. Security deposit required. BIRMINGHAM — 3 bedroom ranch, family room, fireplace, 2 car garage, appliances. Lease. WESTLAND — spacious 2 bedroom, central air, laundry, carport, pool, clubhouse. Heat included. FARMINGTON HILLS — 3 bedroom colonial, 2 baths, walk-in closets, attached garage, option to buy. REDFORD — 2 bedroom bungalow, basement, newly decorated, fenced yard. LIVONIA — brick ranch, 3 bedrooms, finished basement, garage. CANTON — 4 bedroom, 2 1/2 baths, family room, first floor laundry. PLYMOUTH — charming 2 bedroom near downtown, hardwood floors. ROCHESTER — 3 bedroom tri-level, large lot, garage. NOVI — lakefront, 2 bedrooms, deck, immediate occupancy.
W. BLOOMFIELD
2500 sq. ft.
Call 661-0771
SOUTHFIELD — 1 bedroom, carpeted, appliances, heat included, near shopping & expressways. No pets. Call after 6pm. ROYAL OAK — large 2 bedroom, basement, garage, fenced yard, close to schools. Security deposit required. BIRMINGHAM — 3 bedroom ranch, family room, fireplace, 2 car garage, appliances. Lease. WESTLAND — spacious 2 bedroom, central air, laundry, carport, pool, clubhouse. Heat included. FARMINGTON HILLS — 3 bedroom colonial, 2 baths, walk-in closets, attached garage, option to buy. REDFORD — 2 bedroom bungalow, basement, newly decorated, fenced yard. LIVONIA — brick ranch, 3 bedrooms, finished basement, garage. CANTON — 4 bedroom, 2 1/2 baths, family room, first floor laundry. PLYMOUTH — charming 2 bedroom near downtown, hardwood floors. ROCHESTER — 3 bedroom tri-level, large lot, garage. NOVI — lakefront, 2 bedrooms, deck, immediate occupancy.
414 Southern Rentals
SOUTHFIELD — 1 bedroom, carpeted, appliances, heat included, near shopping & expressways. No pets. Call after 6pm. ROYAL OAK — large 2 bedroom, basement, garage, fenced yard, close to schools. Security deposit required. BIRMINGHAM — 3 bedroom ranch, family room, fireplace, 2 car garage, appliances. Lease. WESTLAND — spacious 2 bedroom, central air, laundry, carport, pool, clubhouse. Heat included. FARMINGTON HILLS — 3 bedroom colonial, 2 baths, walk-in closets, attached garage, option to buy. REDFORD — 2 bedroom bungalow, basement, newly decorated, fenced yard. LIVONIA — brick ranch, 3 bedrooms, finished basement, garage. CANTON — 4 bedroom, 2 1/2 baths, family room, first floor laundry. PLYMOUTH — charming 2 bedroom near downtown, hardwood floors. ROCHESTER — 3 bedroom tri-level, large lot, garage. NOVI — lakefront, 2 bedrooms, deck, immediate occupancy.
